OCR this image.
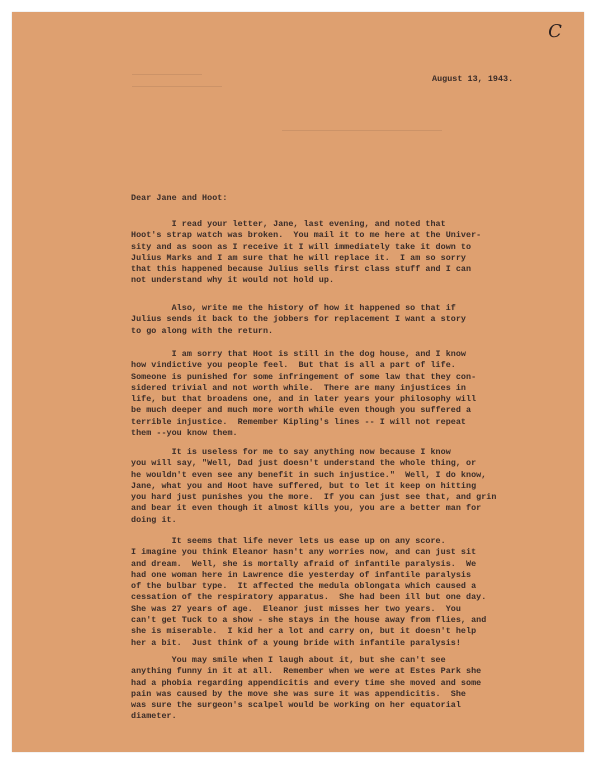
C
August 13, 1943.
Dear Jane and Hoot:

I read your letter, Jane, last evening, and noted that

Hoot's strap watch was broken.  You mail it to me here at the Univer-

sity and as soon as I receive it I will immediately take it down to

Julius Marks and I am sure that he will replace it.  I am so sorry

that this happened because Julius sells first class stuff and I can

not understand why it would not hold up.

Also, write me the history of how it happened so that if

Julius sends it back to the jobbers for replacement I want a story

to go along with the return.

I am sorry that Hoot is still in the dog house, and I know

how vindictive you people feel.  But that is all a part of life.

Someone is punished for some infringement of some law that they con-

sidered trivial and not worth while.  There are many injustices in

life, but that broadens one, and in later years your philosophy will

be much deeper and much more worth while even though you suffered a

terrible injustice.  Remember Kipling's lines -- I will not repeat

them --you know them.

It is useless for me to say anything now because I know

you will say, "Well, Dad just doesn't understand the whole thing, or

he wouldn't even see any benefit in such injustice."  Well, I do know,

Jane, what you and Hoot have suffered, but to let it keep on hitting

you hard just punishes you the more.  If you can just see that, and grin

and bear it even though it almost kills you, you are a better man for

doing it.

It seems that life never lets us ease up on any score.

I imagine you think Eleanor hasn't any worries now, and can just sit

and dream.  Well, she is mortally afraid of infantile paralysis.  We

had one woman here in Lawrence die yesterday of infantile paralysis

of the bulbar type.  It affected the medula oblongata which caused a

cessation of the respiratory apparatus.  She had been ill but one day.

She was 27 years of age.  Eleanor just misses her two years.  You

can't get Tuck to a show - she stays in the house away from flies, and

she is miserable.  I kid her a lot and carry on, but it doesn't help

her a bit.  Just think of a young bride with infantile paralysis!

You may smile when I laugh about it, but she can't see

anything funny in it at all.  Remember when we were at Estes Park she

had a phobia regarding appendicitis and every time she moved and some

pain was caused by the move she was sure it was appendicitis.  She

was sure the surgeon's scalpel would be working on her equatorial

diameter.
